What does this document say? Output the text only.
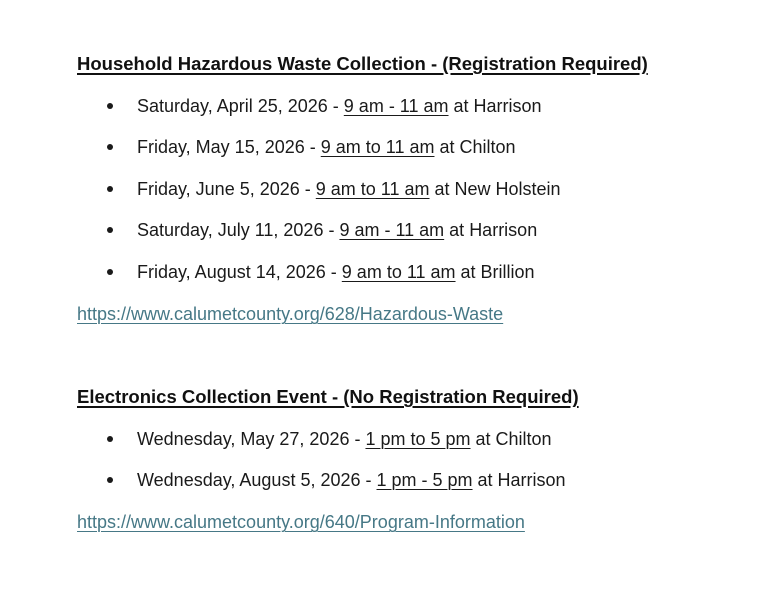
Household Hazardous Waste Collection - (Registration Required)
Saturday, April 25, 2026 - 9 am - 11 am at Harrison
Friday, May 15, 2026 - 9 am to 11 am at Chilton
Friday, June 5, 2026 - 9 am to 11 am at New Holstein
Saturday, July 11, 2026 - 9 am - 11 am at Harrison
Friday, August 14, 2026 - 9 am to 11 am at Brillion
https://www.calumetcounty.org/628/Hazardous-Waste
Electronics Collection Event - (No Registration Required)
Wednesday, May 27, 2026 - 1 pm to 5 pm at Chilton
Wednesday, August 5, 2026 - 1 pm - 5 pm at Harrison
https://www.calumetcounty.org/640/Program-Information
